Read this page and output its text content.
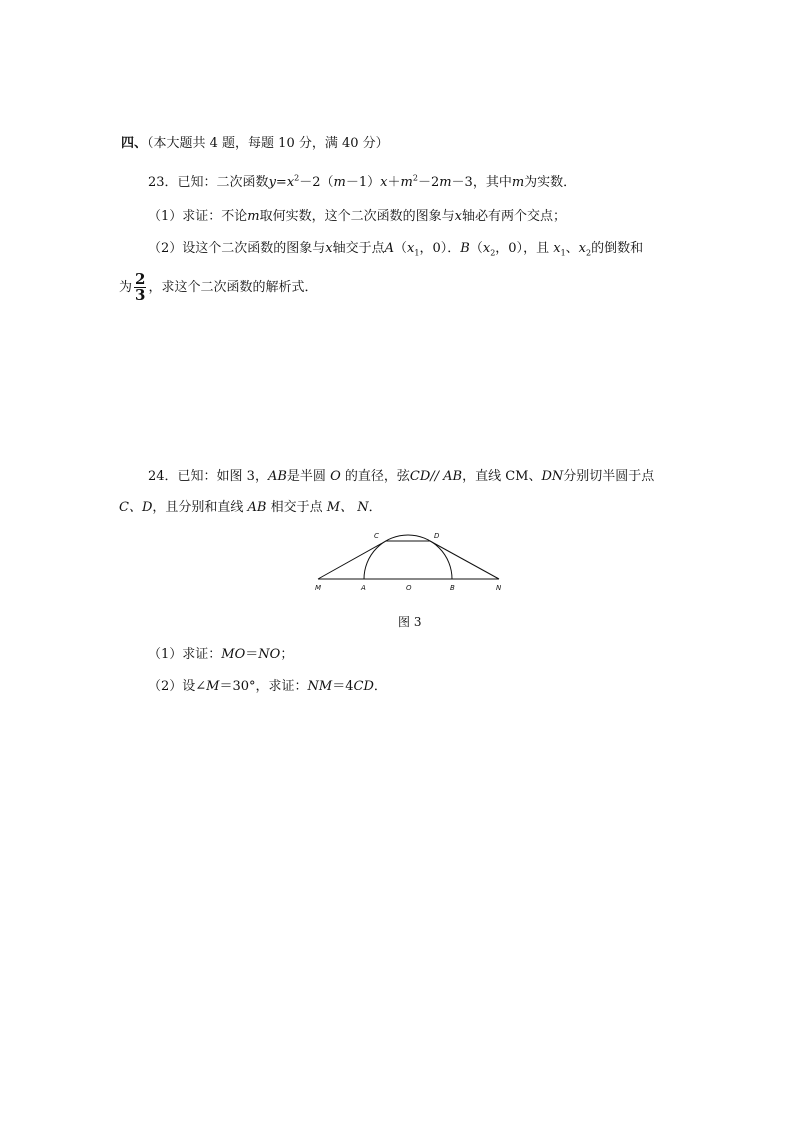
四、（本大题共 4 题，每题 10 分，满 40 分）
23．已知：二次函数$y=x^2-2(m-1)x+m^2-2m-3$，其中m为实数．
（1）求证：不论m取何实数，这个二次函数的图象与x轴必有两个交点；
（2）设这个二次函数的图象与x轴交于点$A(x_1$，0）．$B(x_2$，0），且 $x_1$、$x_2$的倒数和
为 $\frac{2}{3}$ ，求这个二次函数的解析式．
24．已知：如图 3，AB是半圆 O 的直径，弦CD// AB，直线 CM、DN分别切半圆于点
C、D，且分别和直线 AB 相交于点 M、 N．
M	A	O	B	N
C	D
图 3
（1）求证：MO＝NO；
（2）设∠M＝30°，求证：NM＝4CD．
